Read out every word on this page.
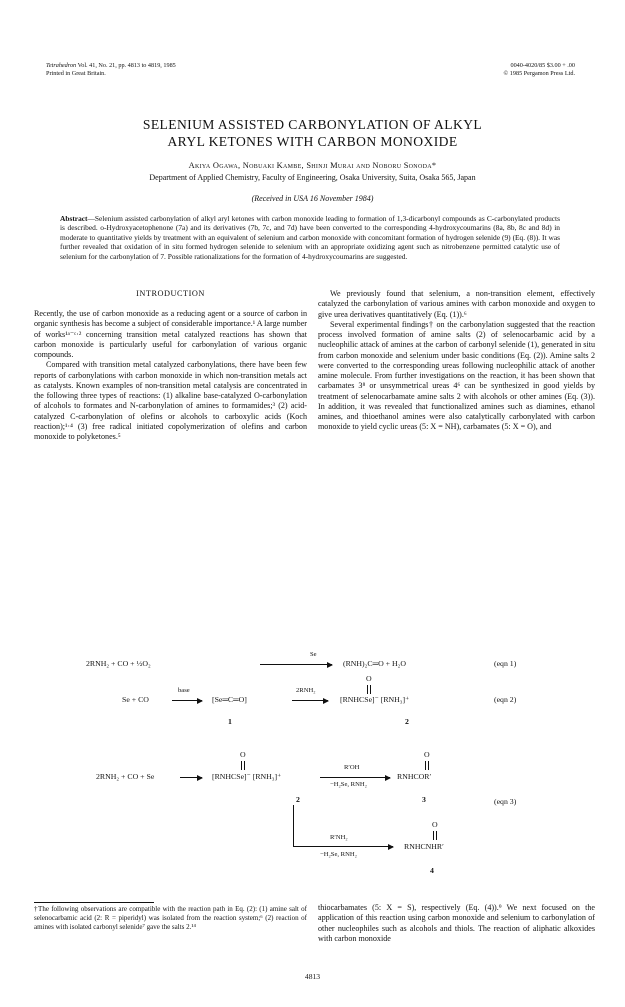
Tetrahedron Vol. 41, No. 21, pp. 4813 to 4819, 1985
Printed in Great Britain.
0040-4020/85 $3.00 + .00
© 1985 Pergamon Press Ltd.
SELENIUM ASSISTED CARBONYLATION OF ALKYL
ARYL KETONES WITH CARBON MONOXIDE
Akiya Ogawa, Nobuaki Kambe, Shinji Murai and Noboru Sonoda*
Department of Applied Chemistry, Faculty of Engineering, Osaka University, Suita, Osaka 565, Japan
(Received in USA 16 November 1984)
Abstract—Selenium assisted carbonylation of alkyl aryl ketones with carbon monoxide leading to formation of 1,3-dicarbonyl compounds as C-carbonylated products is described. o-Hydroxyacetophenone (7a) and its derivatives (7b, 7c, and 7d) have been converted to the corresponding 4-hydroxycoumarins (8a, 8b, 8c and 8d) in moderate to quantitative yields by treatment with an equivalent of selenium and carbon monoxide with concomitant formation of hydrogen selenide (9) (Eq. (8)). It was further revealed that oxidation of in situ formed hydrogen selenide to selenium with an appropriate oxidizing agent such as nitrobenzene permitted catalytic use of selenium for the carbonylation of 7. Possible rationalizations for the formation of 4-hydroxycoumarins are suggested.
INTRODUCTION

Recently, the use of carbon monoxide as a reducing agent or a source of carbon in organic synthesis has become a subject of considerable importance.¹ A large number of works¹ᵃ⁻ᶜ·² concerning transition metal catalyzed reactions has shown that carbon monoxide is particularly useful for carbonylation of various organic compounds.

Compared with transition metal catalyzed carbonylations, there have been few reports of carbonylations with carbon monoxide in which non-transition metals act as catalysts. Known examples of non-transition metal catalysis are concentrated in the following three types of reactions: (1) alkaline base-catalyzed O-carbonylation of alcohols to formates and N-carbonylation of amines to formamides;³ (2) acid-catalyzed C-carbonylation of olefins or alcohols to carboxylic acids (Koch reaction);¹·⁴ (3) free radical initiated copolymerization of olefins and carbon monoxide to polyketones.⁵

We previously found that selenium, a non-transition element, effectively catalyzed the carbonylation of various amines with carbon monoxide and oxygen to give urea derivatives quantitatively (Eq. (1)).⁶

Several experimental findings† on the carbonylation suggested that the reaction process involved formation of amine salts (2) of selenocarbamic acid by a nucleophilic attack of amines at the carbon of carbonyl selenide (1), generated in situ from carbon monoxide and selenium under basic conditions (Eq. (2)). Amine salts 2 were converted to the corresponding ureas following nucleophilic attack of another amine molecule. From further investigations on the reaction, it has been shown that carbamates 3⁸ or unsymmetrical ureas 4⁶ can be synthesized in good yields by treatment of selenocarbamate amine salts 2 with alcohols or other amines (Eq. (3)). In addition, it was revealed that functionalized amines such as diamines, ethanol amines, and thioethanol amines were also catalytically carbonylated with carbon monoxide to yield cyclic ureas (5: X = NH), carbamates (5: X = O), and

2RNH₂ + CO + ½O₂
Se
(RNH)₂C═O + H₂O	(eqn 1)
Se + CO
base
[Se═C═O]
2RNH₂
O
[RNHCSe]⁻ [RNH₃]⁺	(eqn 2)
1	2
2RNH₂ + CO + Se
O
[RNHCSe]⁻ [RNH₃]⁺
R′OH
−H₂Se, RNH₂
O
RNHCOR′
2	3	(eqn 3)
R′NH₂
−H₂Se, RNH₂
O
RNHCNHR′
4
†The following observations are compatible with the reaction path in Eq. (2): (1) amine salt of selenocarbamic acid (2: R = piperidyl) was isolated from the reaction system;⁶ (2) reaction of amines with isolated carbonyl selenide⁷ gave the salts 2.¹⁴
thiocarbamates (5: X = S), respectively (Eq. (4)).⁹ We next focused on the application of this reaction using carbon monoxide and selenium to carbonylation of other nucleophiles such as alcohols and thiols. The reaction of aliphatic alkoxides with carbon monoxide
4813
